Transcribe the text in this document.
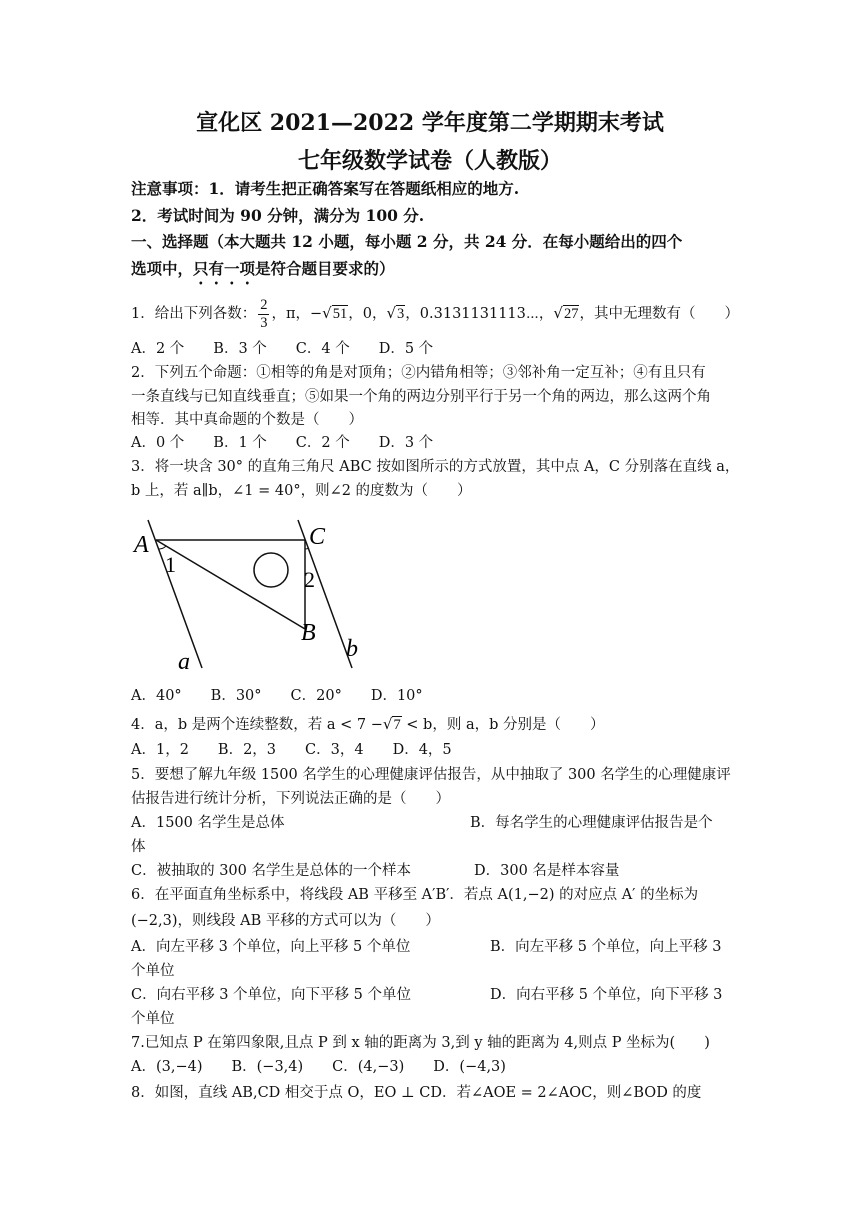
宣化区 2021—2022 学年度第二学期期末考试
七年级数学试卷（人教版）
注意事项：1．请考生把正确答案写在答题纸相应的地方.
2．考试时间为 90 分钟，满分为 100 分.
一、选择题（本大题共 12 小题，每小题 2 分，共 24 分．在每小题给出的四个
选项中，只有一项是符合题目要求的）
1．给出下列各数： $\frac{2}{3}$ ，π，−√51，0，√3，0.3131131113⋯，√27，其中无理数有（　　）
A．2 个　　B．3 个　　C．4 个　　D．5 个
2．下列五个命题：①相等的角是对顶角；②内错角相等；③邻补角一定互补；④有且只有
一条直线与已知直线垂直；⑤如果一个角的两边分别平行于另一个角的两边，那么这两个角
相等．其中真命题的个数是（　　）
A．0 个　　B．1 个　　C．2 个　　D．3 个
3．将一块含 30° 的直角三角尺 ABC 按如图所示的方式放置，其中点 A，C 分别落在直线 a，
b 上，若 a∥b，∠1 = 40°，则∠2 的度数为（　　）
A	C
B
a	b
1
2
A．40°　　B．30°　　C．20°　　D．10°
4．a，b 是两个连续整数，若 a < 7 −√7 < b，则 a，b 分别是（　　）
A．1，2　　B．2，3　　C．3，4　　D．4，5
5．要想了解九年级 1500 名学生的心理健康评估报告，从中抽取了 300 名学生的心理健康评
估报告进行统计分析，下列说法正确的是（　　）
A．1500 名学生是总体	B．每名学生的心理健康评估报告是个
体
C．被抽取的 300 名学生是总体的一个样本	D．300 名是样本容量
6．在平面直角坐标系中，将线段 AB 平移至 A′B′．若点 A(1,−2) 的对应点 A′ 的坐标为
(−2,3)，则线段 AB 平移的方式可以为（　　）
A．向左平移 3 个单位，向上平移 5 个单位	B．向左平移 5 个单位，向上平移 3
个单位
C．向右平移 3 个单位，向下平移 5 个单位	D．向右平移 5 个单位，向下平移 3
个单位
7.已知点 P 在第四象限,且点 P 到 x 轴的距离为 3,到 y 轴的距离为 4,则点 P 坐标为(　　)
A．(3,−4)　　B．(−3,4)　　C．(4,−3)　　D．(−4,3)
8．如图，直线 AB,CD 相交于点 O，EO ⊥ CD．若∠AOE = 2∠AOC，则∠BOD 的度
